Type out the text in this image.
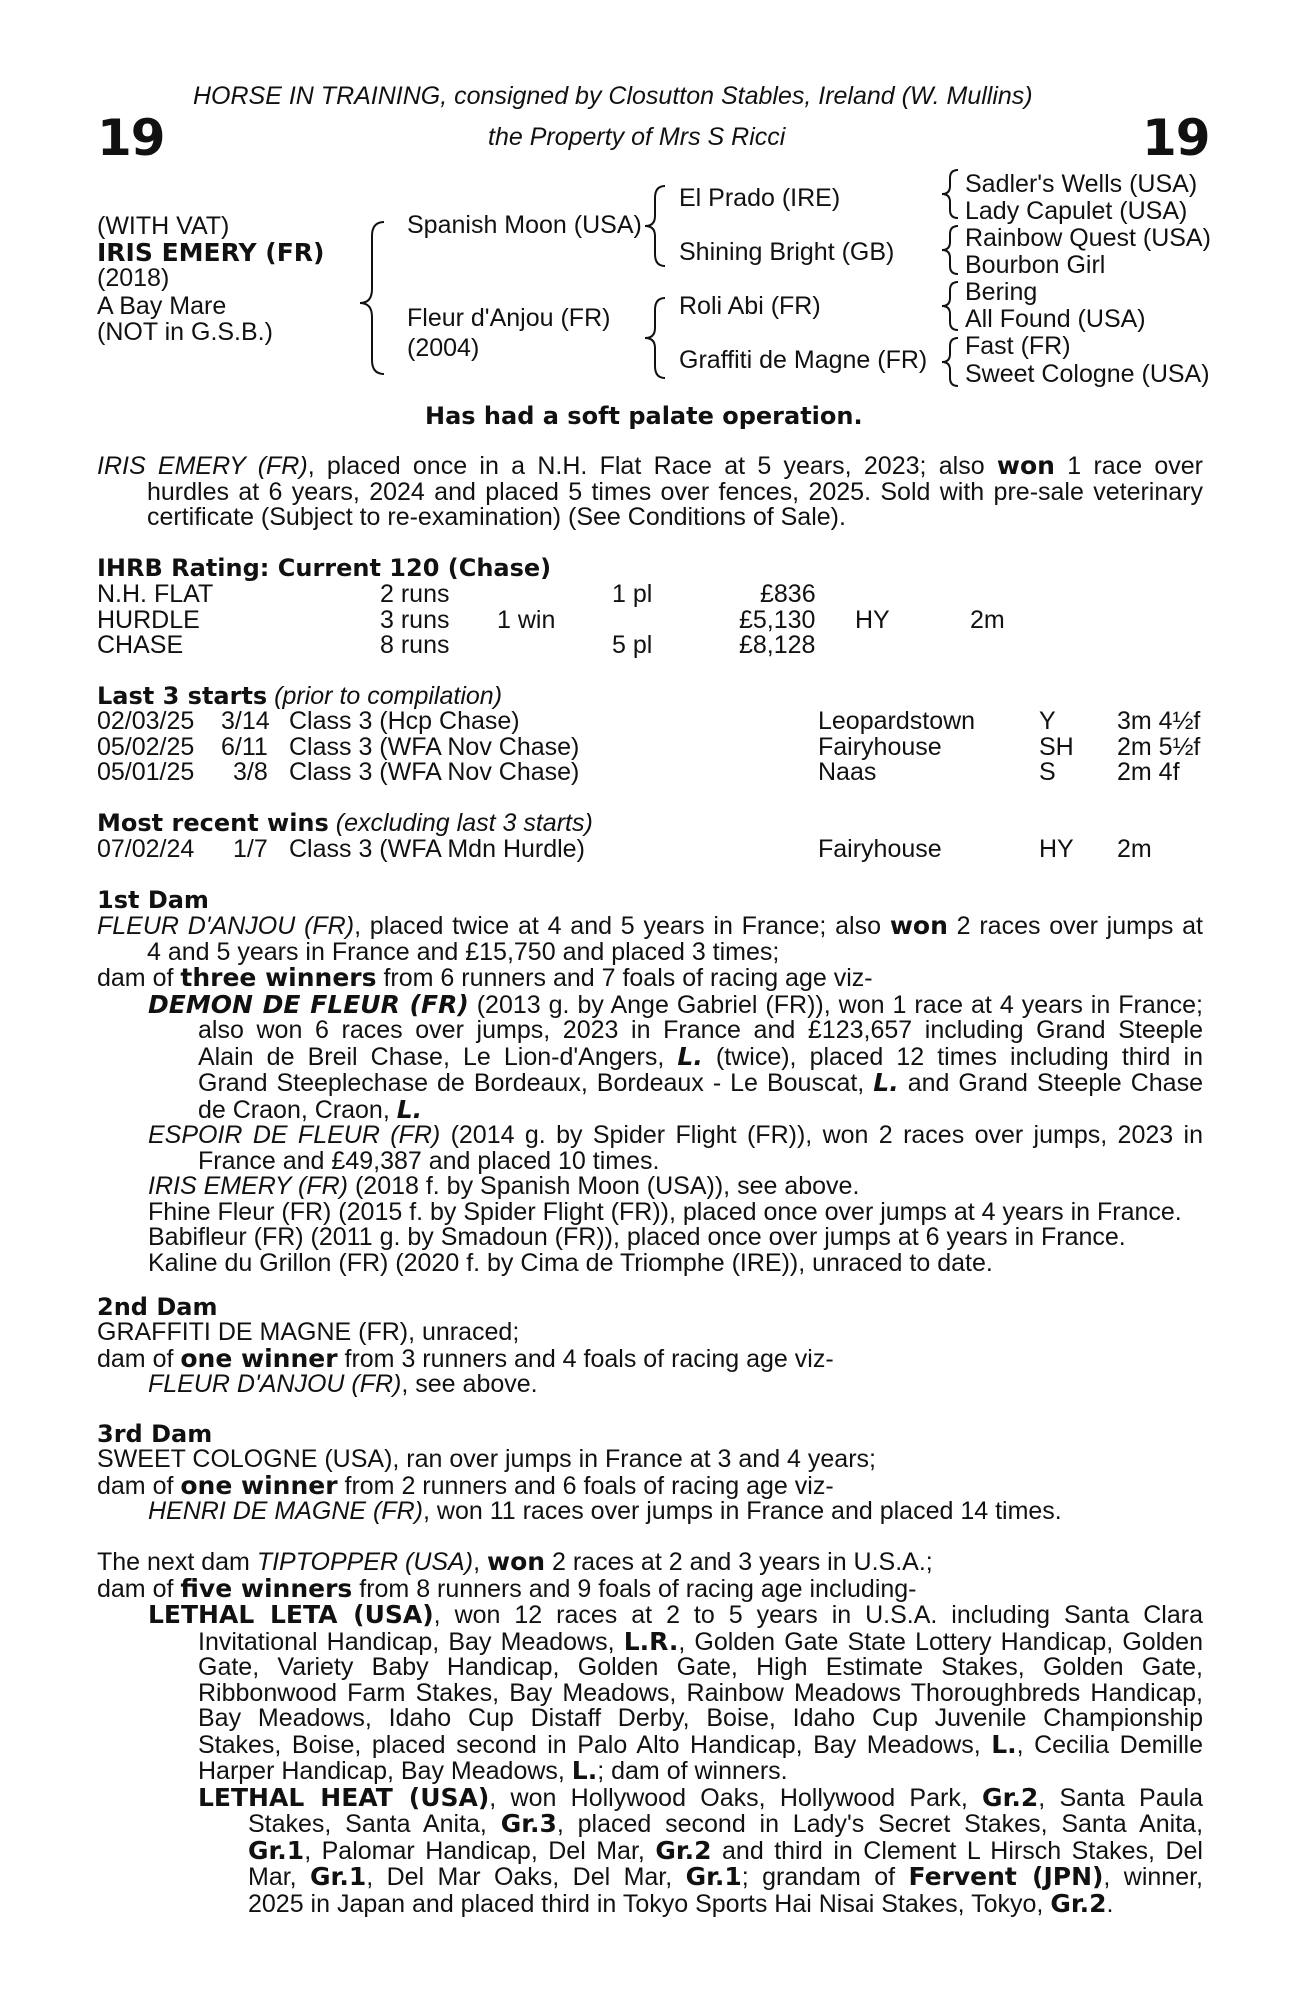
19	19
HORSE IN TRAINING, consigned by Closutton Stables, Ireland (W. Mullins)
the Property of Mrs S Ricci
(WITH VAT)
IRIS EMERY (FR)
(2018)
A Bay Mare
(NOT in G.S.B.)
Spanish Moon (USA)
Fleur d'Anjou (FR)
(2004)
El Prado (IRE)
Shining Bright (GB)
Roli Abi (FR)
Graffiti de Magne (FR)
Sadler's Wells (USA)
Lady Capulet (USA)
Rainbow Quest (USA)
Bourbon Girl
Bering
All Found (USA)
Fast (FR)
Sweet Cologne (USA)
Has had a soft palate operation.
IRIS EMERY (FR), placed once in a N.H. Flat Race at 5 years, 2023; also won 1 race over
hurdles at 6 years, 2024 and placed 5 times over fences, 2025. Sold with pre-sale veterinary
certificate (Subject to re-examination) (See Conditions of Sale).
IHRB Rating: Current 120 (Chase)
N.H. FLAT	2 runs	1 pl	£836
HURDLE	3 runs 1 win	£5,130 HY	2m
CHASE	8 runs	5 pl	£8,128
Last 3 starts (prior to compilation)
02/03/25 3/14 Class 3 (Hcp Chase)	Leopardstown	Y 3m 4½f
05/02/25 6/11 Class 3 (WFA Nov Chase)	Fairyhouse	SH 2m 5½f
05/01/25 3/8 Class 3 (WFA Nov Chase)	Naas	S 2m 4f
Most recent wins (excluding last 3 starts)
07/02/24 1/7 Class 3 (WFA Mdn Hurdle)	Fairyhouse	HY 2m
1st Dam
FLEUR D'ANJOU (FR), placed twice at 4 and 5 years in France; also won 2 races over jumps at
4 and 5 years in France and £15,750 and placed 3 times;
dam of three winners from 6 runners and 7 foals of racing age viz-
DEMON DE FLEUR (FR) (2013 g. by Ange Gabriel (FR)), won 1 race at 4 years in France;
also won 6 races over jumps, 2023 in France and £123,657 including Grand Steeple
Alain de Breil Chase, Le Lion-d'Angers, L. (twice), placed 12 times including third in
Grand Steeplechase de Bordeaux, Bordeaux - Le Bouscat, L. and Grand Steeple Chase
de Craon, Craon, L.
ESPOIR DE FLEUR (FR) (2014 g. by Spider Flight (FR)), won 2 races over jumps, 2023 in
France and £49,387 and placed 10 times.
IRIS EMERY (FR) (2018 f. by Spanish Moon (USA)), see above.
Fhine Fleur (FR) (2015 f. by Spider Flight (FR)), placed once over jumps at 4 years in France.
Babifleur (FR) (2011 g. by Smadoun (FR)), placed once over jumps at 6 years in France.
Kaline du Grillon (FR) (2020 f. by Cima de Triomphe (IRE)), unraced to date.
2nd Dam
GRAFFITI DE MAGNE (FR), unraced;
dam of one winner from 3 runners and 4 foals of racing age viz-
FLEUR D'ANJOU (FR), see above.
3rd Dam
SWEET COLOGNE (USA), ran over jumps in France at 3 and 4 years;
dam of one winner from 2 runners and 6 foals of racing age viz-
HENRI DE MAGNE (FR), won 11 races over jumps in France and placed 14 times.
The next dam TIPTOPPER (USA), won 2 races at 2 and 3 years in U.S.A.;
dam of five winners from 8 runners and 9 foals of racing age including-
LETHAL LETA (USA), won 12 races at 2 to 5 years in U.S.A. including Santa Clara
Invitational Handicap, Bay Meadows, L.R., Golden Gate State Lottery Handicap, Golden
Gate, Variety Baby Handicap, Golden Gate, High Estimate Stakes, Golden Gate,
Ribbonwood Farm Stakes, Bay Meadows, Rainbow Meadows Thoroughbreds Handicap,
Bay Meadows, Idaho Cup Distaff Derby, Boise, Idaho Cup Juvenile Championship
Stakes, Boise, placed second in Palo Alto Handicap, Bay Meadows, L., Cecilia Demille
Harper Handicap, Bay Meadows, L.; dam of winners.
LETHAL HEAT (USA), won Hollywood Oaks, Hollywood Park, Gr.2, Santa Paula
Stakes, Santa Anita, Gr.3, placed second in Lady's Secret Stakes, Santa Anita,
Gr.1, Palomar Handicap, Del Mar, Gr.2 and third in Clement L Hirsch Stakes, Del
Mar, Gr.1, Del Mar Oaks, Del Mar, Gr.1; grandam of Fervent (JPN), winner,
2025 in Japan and placed third in Tokyo Sports Hai Nisai Stakes, Tokyo, Gr.2.
